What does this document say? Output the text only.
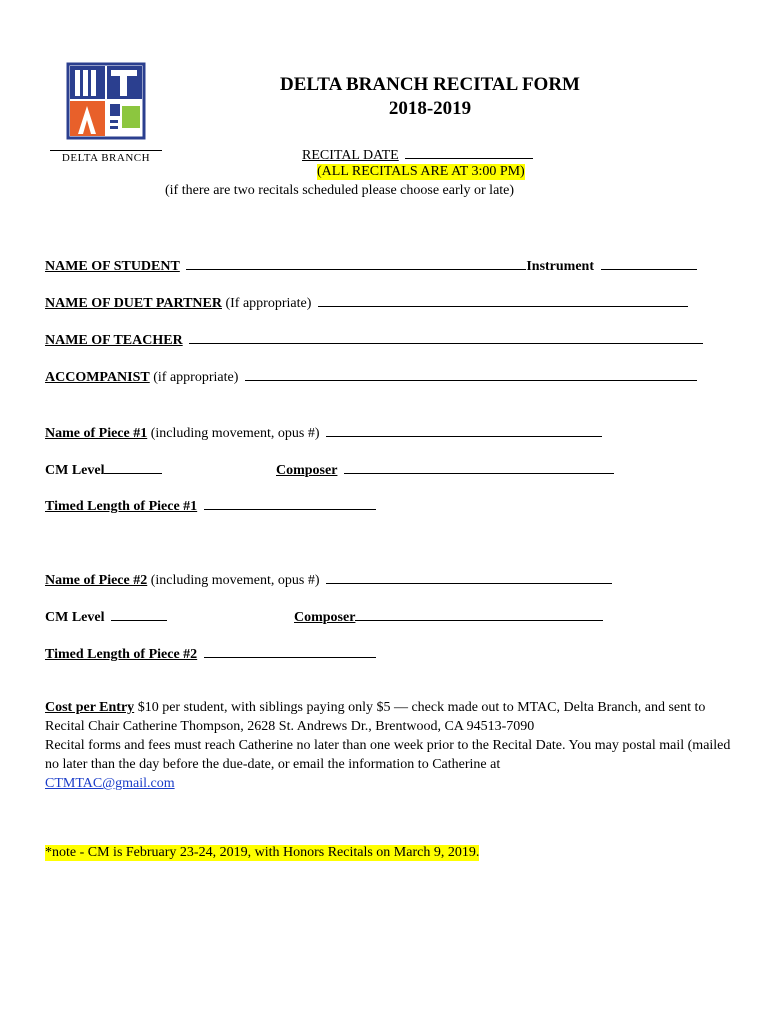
DELTA BRANCH
DELTA BRANCH RECITAL FORM
2018-2019
RECITAL DATE
(ALL RECITALS ARE AT 3:00 PM)
(if there are two recitals scheduled please choose early or late)
NAME OF STUDENT	Instrument
NAME OF DUET PARTNER (If appropriate)
NAME OF TEACHER
ACCOMPANIST (if appropriate)
Name of Piece #1 (including movement, opus #)
CM Level	Composer
Timed Length of Piece #1
Name of Piece #2 (including movement, opus #)
CM Level	Composer
Timed Length of Piece #2
Cost per Entry $10 per student, with siblings paying only $5 — check made out to MTAC, Delta Branch, and sent to Recital Chair Catherine Thompson, 2628 St. Andrews Dr., Brentwood, CA 94513-7090
Recital forms and fees must reach Catherine no later than one week prior to the Recital Date. You may postal mail (mailed no later than the day before the due-date, or email the information to Catherine at
CTMTAC@gmail.com
*note - CM is February 23-24, 2019, with Honors Recitals on March 9, 2019.
